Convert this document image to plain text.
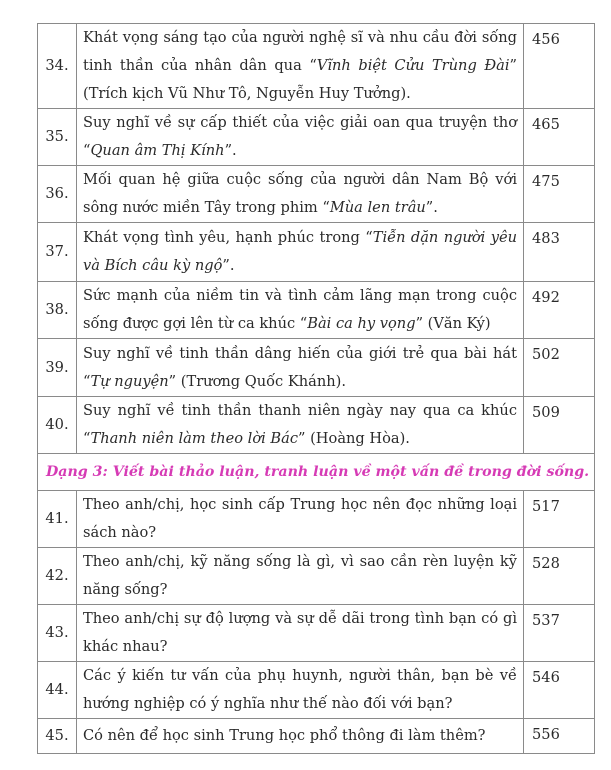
34.	Khát vọng sáng tạo của người nghệ sĩ và nhu cầu đời sống tinh thần của nhân dân qua “Vĩnh biệt Cửu Trùng Đài” (Trích kịch Vũ Như Tô, Nguyễn Huy Tưởng).	456
35.	Suy nghĩ về sự cấp thiết của việc giải oan qua truyện thơ “Quan âm Thị Kính”.	465
36.	Mối quan hệ giữa cuộc sống của người dân Nam Bộ với sông nước miền Tây trong phim “Mùa len trâu”.	475
37.	Khát vọng tình yêu, hạnh phúc trong “Tiễn dặn người yêu và Bích câu kỳ ngộ”.	483
38.	Sức mạnh của niềm tin và tình cảm lãng mạn trong cuộc sống được gợi lên từ ca khúc “Bài ca hy vọng” (Văn Ký)	492
39.	Suy nghĩ về tinh thần dâng hiến của giới trẻ qua bài hát “Tự nguyện” (Trương Quốc Khánh).	502
40.	Suy nghĩ về tinh thần thanh niên ngày nay qua ca khúc “Thanh niên làm theo lời Bác” (Hoàng Hòa).	509
Dạng 3: Viết bài thảo luận, tranh luận về một vấn đề trong đời sống.		
41.	Theo anh/chị, học sinh cấp Trung học nên đọc những loại sách nào?	517
42.	Theo anh/chị, kỹ năng sống là gì, vì sao cần rèn luyện kỹ năng sống?	528
43.	Theo anh/chị sự độ lượng và sự dễ dãi trong tình bạn có gì khác nhau?	537
44.	Các ý kiến tư vấn của phụ huynh, người thân, bạn bè về hướng nghiệp có ý nghĩa như thế nào đối với bạn?	546
45.	Có nên để học sinh Trung học phổ thông đi làm thêm?	556
